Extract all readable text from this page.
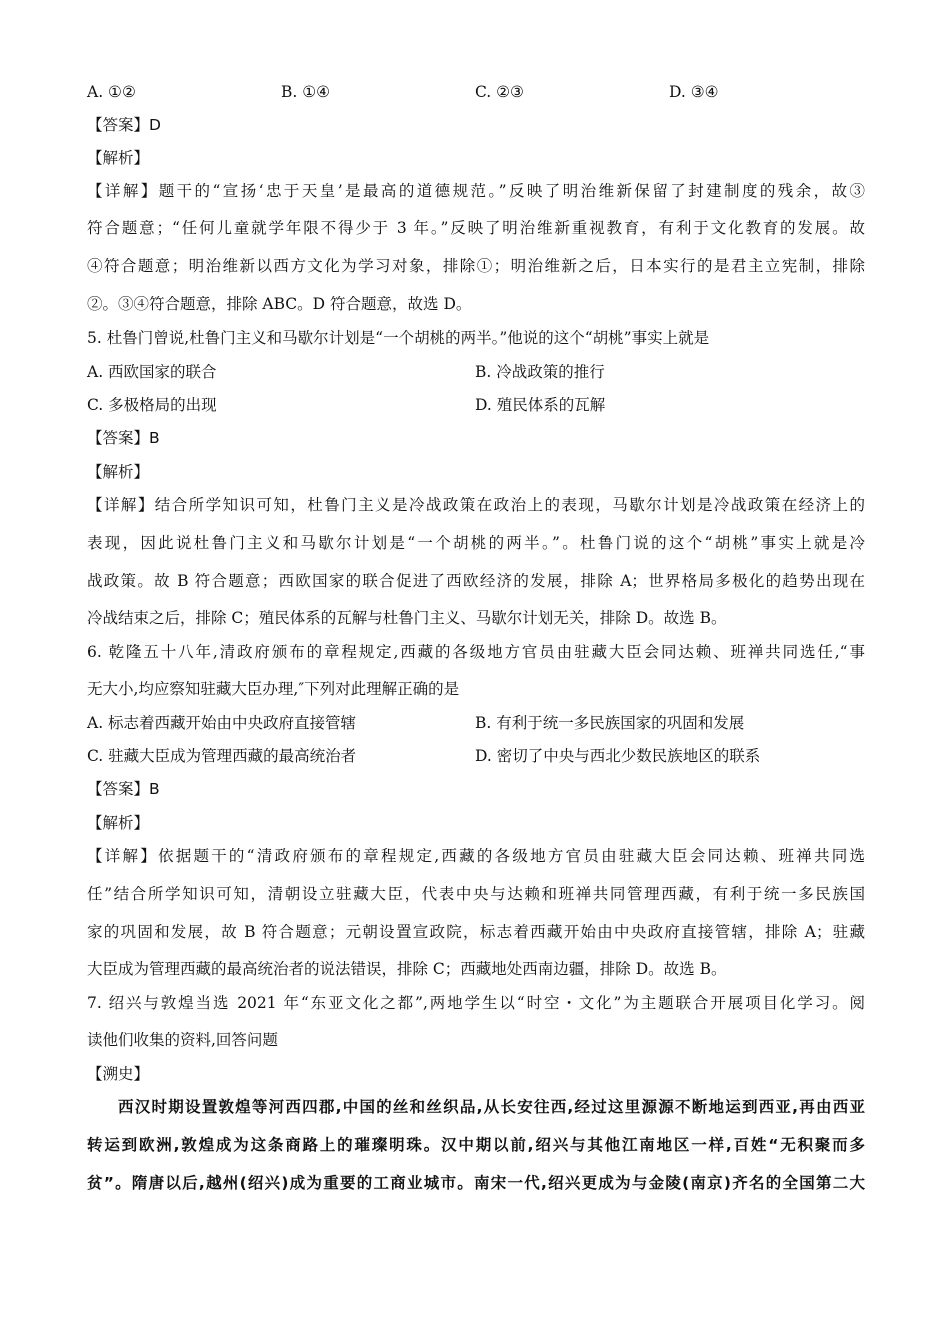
A. ①②	B. ①④	C. ②③	D. ③④
【答案】D
【解析】
【详解】题干的“宣扬‘忠于天皇’是最高的道德规范。”反映了明治维新保留了封建制度的残余，故③
符合题意；“任何儿童就学年限不得少于 3 年。”反映了明治维新重视教育，有利于文化教育的发展。故
④符合题意；明治维新以西方文化为学习对象，排除①；明治维新之后，日本实行的是君主立宪制，排除
②。③④符合题意，排除 ABC。D 符合题意，故选 D。
5. 杜鲁门曾说,杜鲁门主义和马歇尔计划是“一个胡桃的两半。”他说的这个“胡桃”事实上就是
A. 西欧国家的联合	B. 冷战政策的推行
C. 多极格局的出现	D. 殖民体系的瓦解
【答案】B
【解析】
【详解】结合所学知识可知，杜鲁门主义是冷战政策在政治上的表现，马歇尔计划是冷战政策在经济上的
表现，因此说杜鲁门主义和马歇尔计划是“一个胡桃的两半。”。杜鲁门说的这个“胡桃”事实上就是冷
战政策。故 B 符合题意；西欧国家的联合促进了西欧经济的发展，排除 A；世界格局多极化的趋势出现在
冷战结束之后，排除 C；殖民体系的瓦解与杜鲁门主义、马歇尔计划无关，排除 D。故选 B。
6. 乾隆五十八年,清政府颁布的章程规定,西藏的各级地方官员由驻藏大臣会同达赖、班禅共同选任,“事
无大小,均应察知驻藏大臣办理,″下列对此理解正确的是
A. 标志着西藏开始由中央政府直接管辖	B. 有利于统一多民族国家的巩固和发展
C. 驻藏大臣成为管理西藏的最高统治者	D. 密切了中央与西北少数民族地区的联系
【答案】B
【解析】
【详解】依据题干的“清政府颁布的章程规定,西藏的各级地方官员由驻藏大臣会同达赖、班禅共同选
任”结合所学知识可知，清朝设立驻藏大臣，代表中央与达赖和班禅共同管理西藏，有利于统一多民族国
家的巩固和发展，故 B 符合题意；元朝设置宣政院，标志着西藏开始由中央政府直接管辖，排除 A；驻藏
大臣成为管理西藏的最高统治者的说法错误，排除 C；西藏地处西南边疆，排除 D。故选 B。
7. 绍兴与敦煌当选 2021 年“东亚文化之都”,两地学生以“时空・文化”为主题联合开展项目化学习。阅
读他们收集的资料,回答问题
【溯史】
西汉时期设置敦煌等河西四郡,中国的丝和丝织品,从长安往西,经过这里源源不断地运到西亚,再由西亚
转运到欧洲,敦煌成为这条商路上的璀璨明珠。汉中期以前,绍兴与其他江南地区一样,百姓“无积聚而多
贫”。隋唐以后,越州(绍兴)成为重要的工商业城市。南宋一代,绍兴更成为与金陵(南京)齐名的全国第二大
